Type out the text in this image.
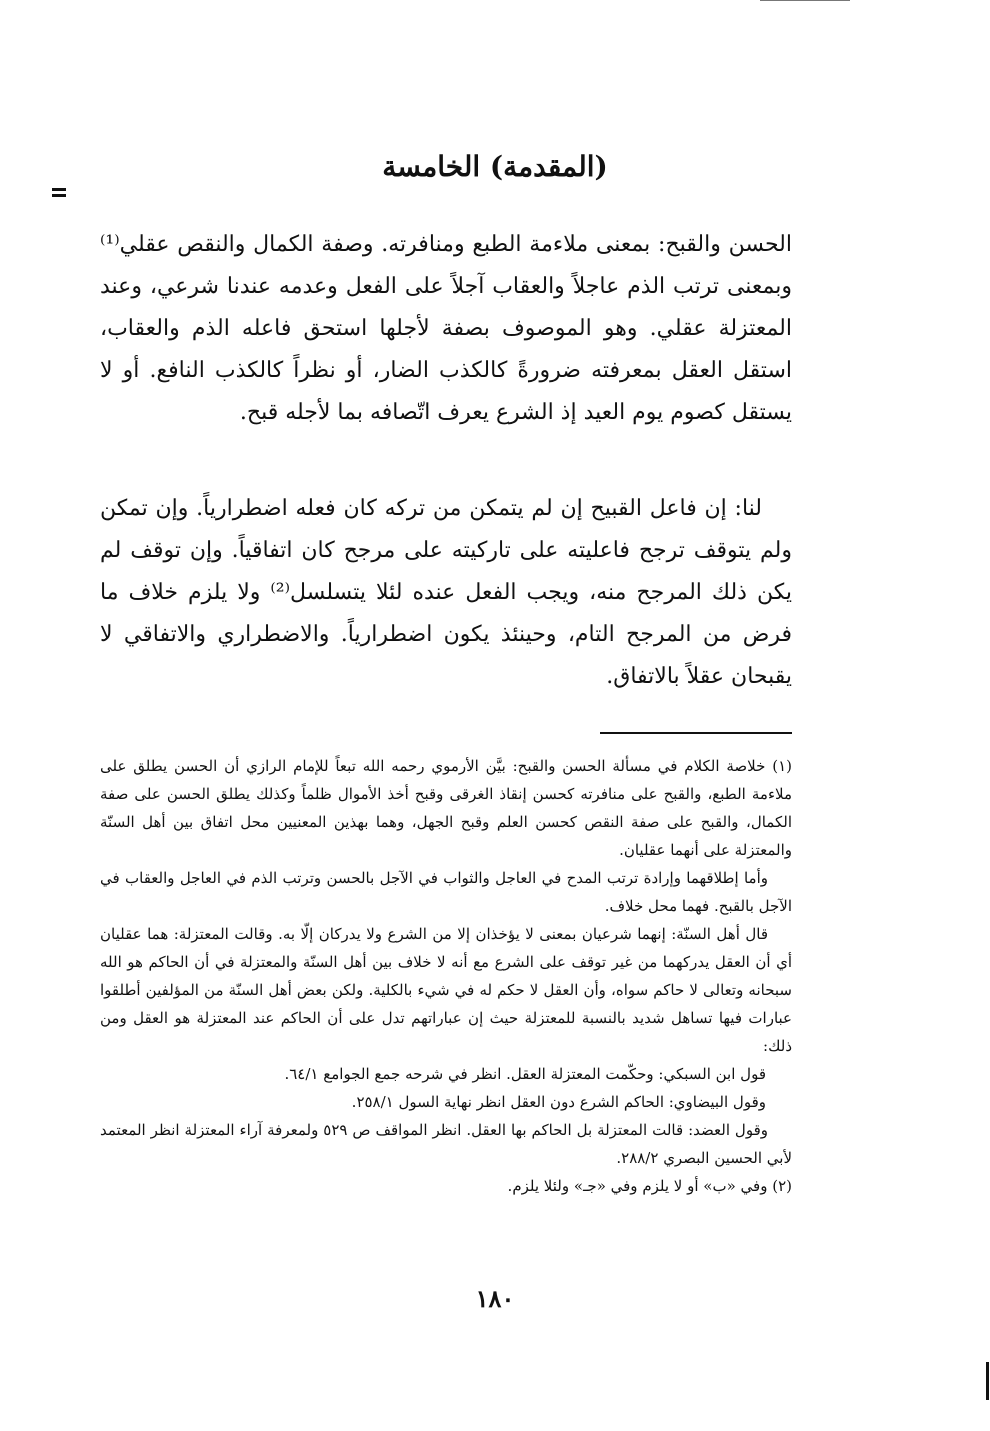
(المقدمة) الخامسة
الحسن والقبح: بمعنى ملاءمة الطبع ومنافرته. وصفة الكمال والنقص عقلي⁽¹⁾ وبمعنى ترتب الذم عاجلاً والعقاب آجلاً على الفعل وعدمه عندنا شرعي، وعند المعتزلة عقلي. وهو الموصوف بصفة لأجلها استحق فاعله الذم والعقاب، استقل العقل بمعرفته ضرورةً كالكذب الضار، أو نظراً كالكذب النافع. أو لا يستقل كصوم يوم العيد إذ الشرع يعرف اتّصافه بما لأجله قبح.
لنا: إن فاعل القبيح إن لم يتمكن من تركه كان فعله اضطرارياً. وإن تمكن ولم يتوقف ترجح فاعليته على تاركيته على مرجح كان اتفاقياً. وإن توقف لم يكن ذلك المرجح منه، ويجب الفعل عنده لئلا يتسلسل⁽²⁾ ولا يلزم خلاف ما فرض من المرجح التام، وحينئذ يكون اضطرارياً. والاضطراري والاتفاقي لا يقبحان عقلاً بالاتفاق.

(١) خلاصة الكلام في مسألة الحسن والقبح: بيَّن الأرموي رحمه الله تبعاً للإمام الرازي أن الحسن يطلق على ملاءمة الطبع، والقبح على منافرته كحسن إنقاذ الغرقى وقبح أخذ الأموال ظلماً وكذلك يطلق الحسن على صفة الكمال، والقبح على صفة النقص كحسن العلم وقبح الجهل، وهما بهذين المعنيين محل اتفاق بين أهل السنّة والمعتزلة على أنهما عقليان.

وأما إطلاقهما وإرادة ترتب المدح في العاجل والثواب في الآجل بالحسن وترتب الذم في العاجل والعقاب في الآجل بالقبح. فهما محل خلاف.

قال أهل السنّة: إنهما شرعيان بمعنى لا يؤخذان إلا من الشرع ولا يدركان إلّا به. وقالت المعتزلة: هما عقليان أي أن العقل يدركهما من غير توقف على الشرع مع أنه لا خلاف بين أهل السنّة والمعتزلة في أن الحاكم هو الله سبحانه وتعالى لا حاكم سواه، وأن العقل لا حكم له في شيء بالكلية. ولكن بعض أهل السنّة من المؤلفين أطلقوا عبارات فيها تساهل شديد بالنسبة للمعتزلة حيث إن عباراتهم تدل على أن الحاكم عند المعتزلة هو العقل ومن ذلك:

قول ابن السبكي: وحكّمت المعتزلة العقل. انظر في شرحه جمع الجوامع ٦٤/١.

وقول البيضاوي: الحاكم الشرع دون العقل انظر نهاية السول ٢٥٨/١.

وقول العضد: قالت المعتزلة بل الحاكم بها العقل. انظر المواقف ص ٥٢٩ ولمعرفة آراء المعتزلة انظر المعتمد لأبي الحسين البصري ٢٨٨/٢.

(٢) وفي «ب» أو لا يلزم وفي «جـ» ولئلا يلزم.

١٨٠
